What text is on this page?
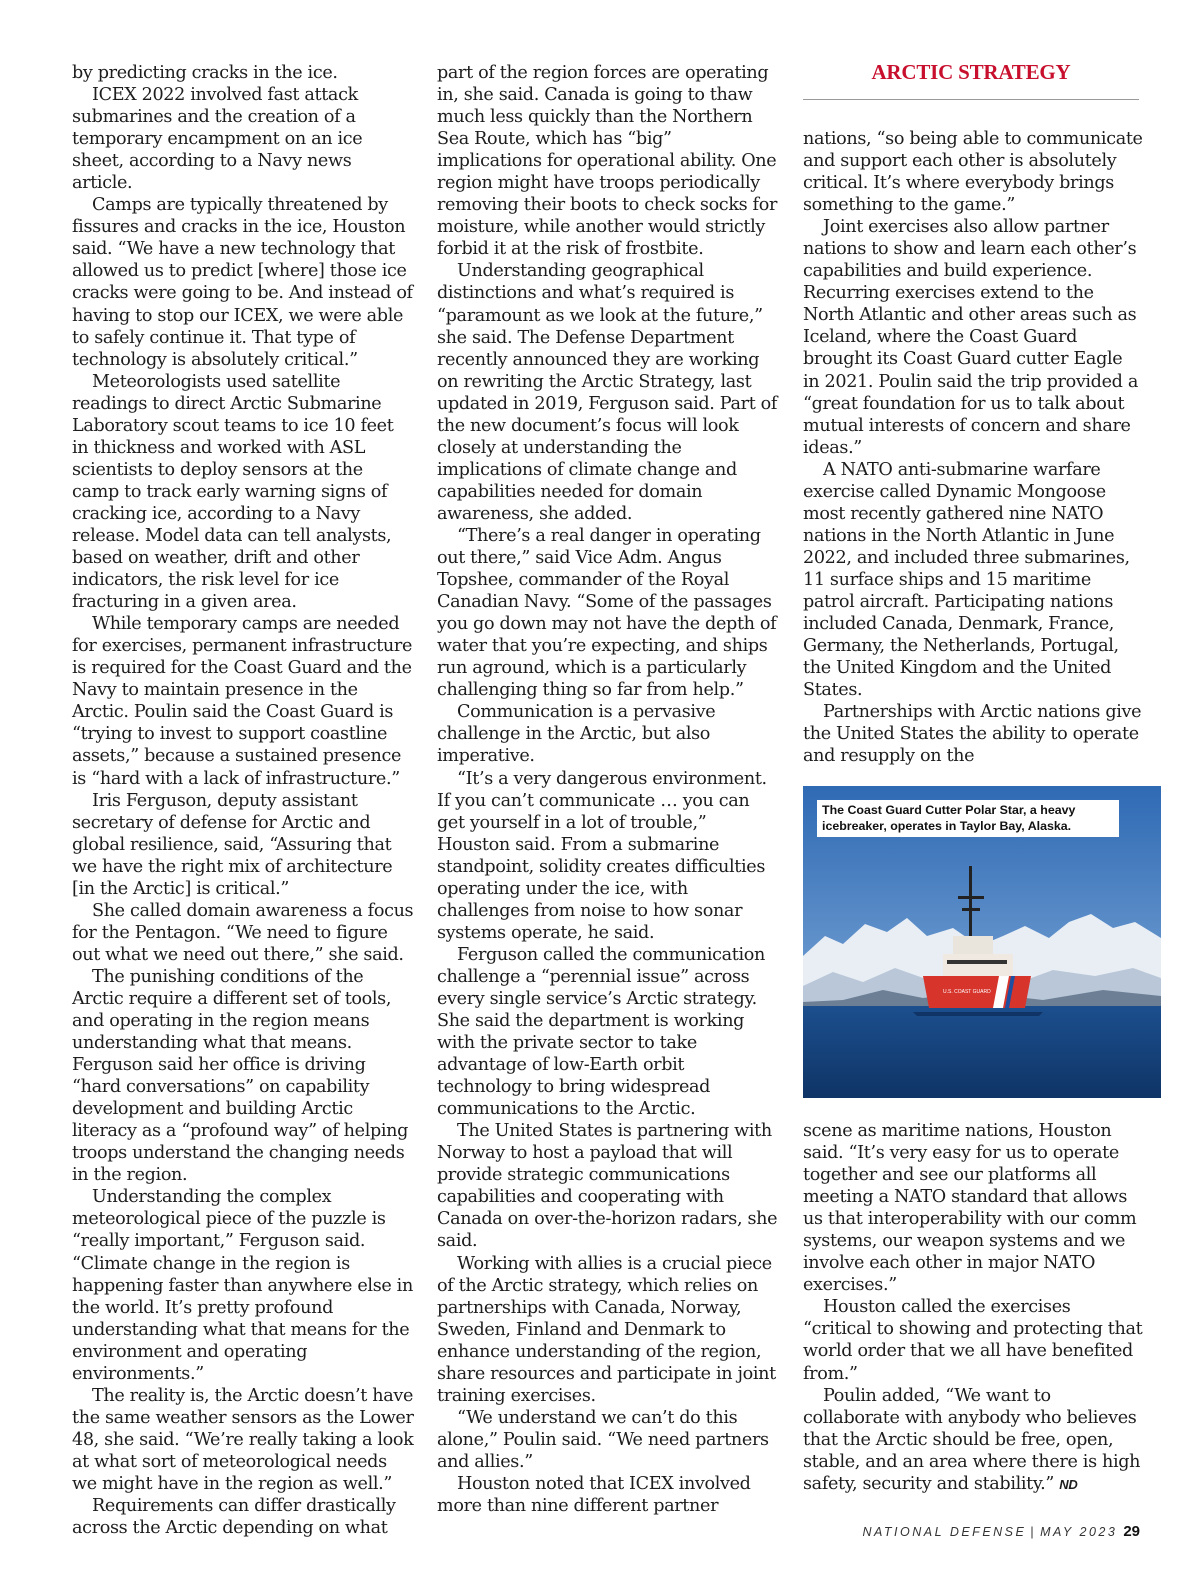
ARCTIC STRATEGY

by predicting cracks in the ice.

ICEX 2022 involved fast attack submarines and the creation of a temporary encampment on an ice sheet, according to a Navy news article.

Camps are typically threatened by fissures and cracks in the ice, Houston said. “We have a new technology that allowed us to predict [where] those ice cracks were going to be. And instead of having to stop our ICEX, we were able to safely continue it. That type of technology is absolutely critical.”

Meteorologists used satellite readings to direct Arctic Submarine Laboratory scout teams to ice 10 feet in thickness and worked with ASL scientists to deploy sensors at the camp to track early warning signs of cracking ice, according to a Navy release. Model data can tell analysts, based on weather, drift and other indicators, the risk level for ice fracturing in a given area.

While temporary camps are needed for exercises, permanent infrastructure is required for the Coast Guard and the Navy to maintain presence in the Arctic. Poulin said the Coast Guard is “trying to invest to support coastline assets,” because a sustained presence is “hard with a lack of infrastructure.”

Iris Ferguson, deputy assistant secretary of defense for Arctic and global resilience, said, “Assuring that we have the right mix of architecture [in the Arctic] is critical.”

She called domain awareness a focus for the Pentagon. “We need to figure out what we need out there,” she said.

The punishing conditions of the Arctic require a different set of tools, and operating in the region means understanding what that means. Ferguson said her office is driving “hard conversations” on capability development and building Arctic literacy as a “profound way” of helping troops understand the changing needs in the region.

Understanding the complex meteorological piece of the puzzle is “really important,” Ferguson said. “Climate change in the region is happening faster than anywhere else in the world. It’s pretty profound understanding what that means for the environment and operating environments.”

The reality is, the Arctic doesn’t have the same weather sensors as the Lower 48, she said. “We’re really taking a look at what sort of meteorological needs we might have in the region as well.”

Requirements can differ drastically across the Arctic depending on what

part of the region forces are operating in, she said. Canada is going to thaw much less quickly than the Northern Sea Route, which has “big” implications for operational ability. One region might have troops periodically removing their boots to check socks for moisture, while another would strictly forbid it at the risk of frostbite.

Understanding geographical distinctions and what’s required is “paramount as we look at the future,” she said. The Defense Department recently announced they are working on rewriting the Arctic Strategy, last updated in 2019, Ferguson said. Part of the new document’s focus will look closely at understanding the implications of climate change and capabilities needed for domain awareness, she added.

“There’s a real danger in operating out there,” said Vice Adm. Angus Topshee, commander of the Royal Canadian Navy. “Some of the passages you go down may not have the depth of water that you’re expecting, and ships run aground, which is a particularly challenging thing so far from help.”

Communication is a pervasive challenge in the Arctic, but also imperative.

“It’s a very dangerous environment. If you can’t communicate … you can get yourself in a lot of trouble,” Houston said. From a submarine standpoint, solidity creates difficulties operating under the ice, with challenges from noise to how sonar systems operate, he said.

Ferguson called the communication challenge a “perennial issue” across every single service’s Arctic strategy. She said the department is working with the private sector to take advantage of low-Earth orbit technology to bring widespread communications to the Arctic.

The United States is partnering with Norway to host a payload that will provide strategic communications capabilities and cooperating with Canada on over-the-horizon radars, she said.

Working with allies is a crucial piece of the Arctic strategy, which relies on partnerships with Canada, Norway, Sweden, Finland and Denmark to enhance understanding of the region, share resources and participate in joint training exercises.

“We understand we can’t do this alone,” Poulin said. “We need partners and allies.”

Houston noted that ICEX involved more than nine different partner

nations, “so being able to communicate and support each other is absolutely critical. It’s where everybody brings something to the game.”

Joint exercises also allow partner nations to show and learn each other’s capabilities and build experience. Recurring exercises extend to the North Atlantic and other areas such as Iceland, where the Coast Guard brought its Coast Guard cutter Eagle in 2021. Poulin said the trip provided a “great foundation for us to talk about mutual interests of concern and share ideas.”

A NATO anti-submarine warfare exercise called Dynamic Mongoose most recently gathered nine NATO nations in the North Atlantic in June 2022, and included three submarines, 11 surface ships and 15 maritime patrol aircraft. Participating nations included Canada, Denmark, France, Germany, the Netherlands, Portugal, the United Kingdom and the United States.

Partnerships with Arctic nations give the United States the ability to operate and resupply on the

U.S. COAST GUARD
The Coast Guard Cutter Polar Star, a heavy icebreaker, operates in Taylor Bay, Alaska.

scene as maritime nations, Houston said. “It’s very easy for us to operate together and see our platforms all meeting a NATO standard that allows us that interoperability with our comm systems, our weapon systems and we involve each other in major NATO exercises.”

Houston called the exercises “critical to showing and protecting that world order that we all have benefited from.”

Poulin added, “We want to collaborate with anybody who believes that the Arctic should be free, open, stable, and an area where there is high safety, security and stability.” ND

NATIONAL DEFENSE | MAY 2023 29
